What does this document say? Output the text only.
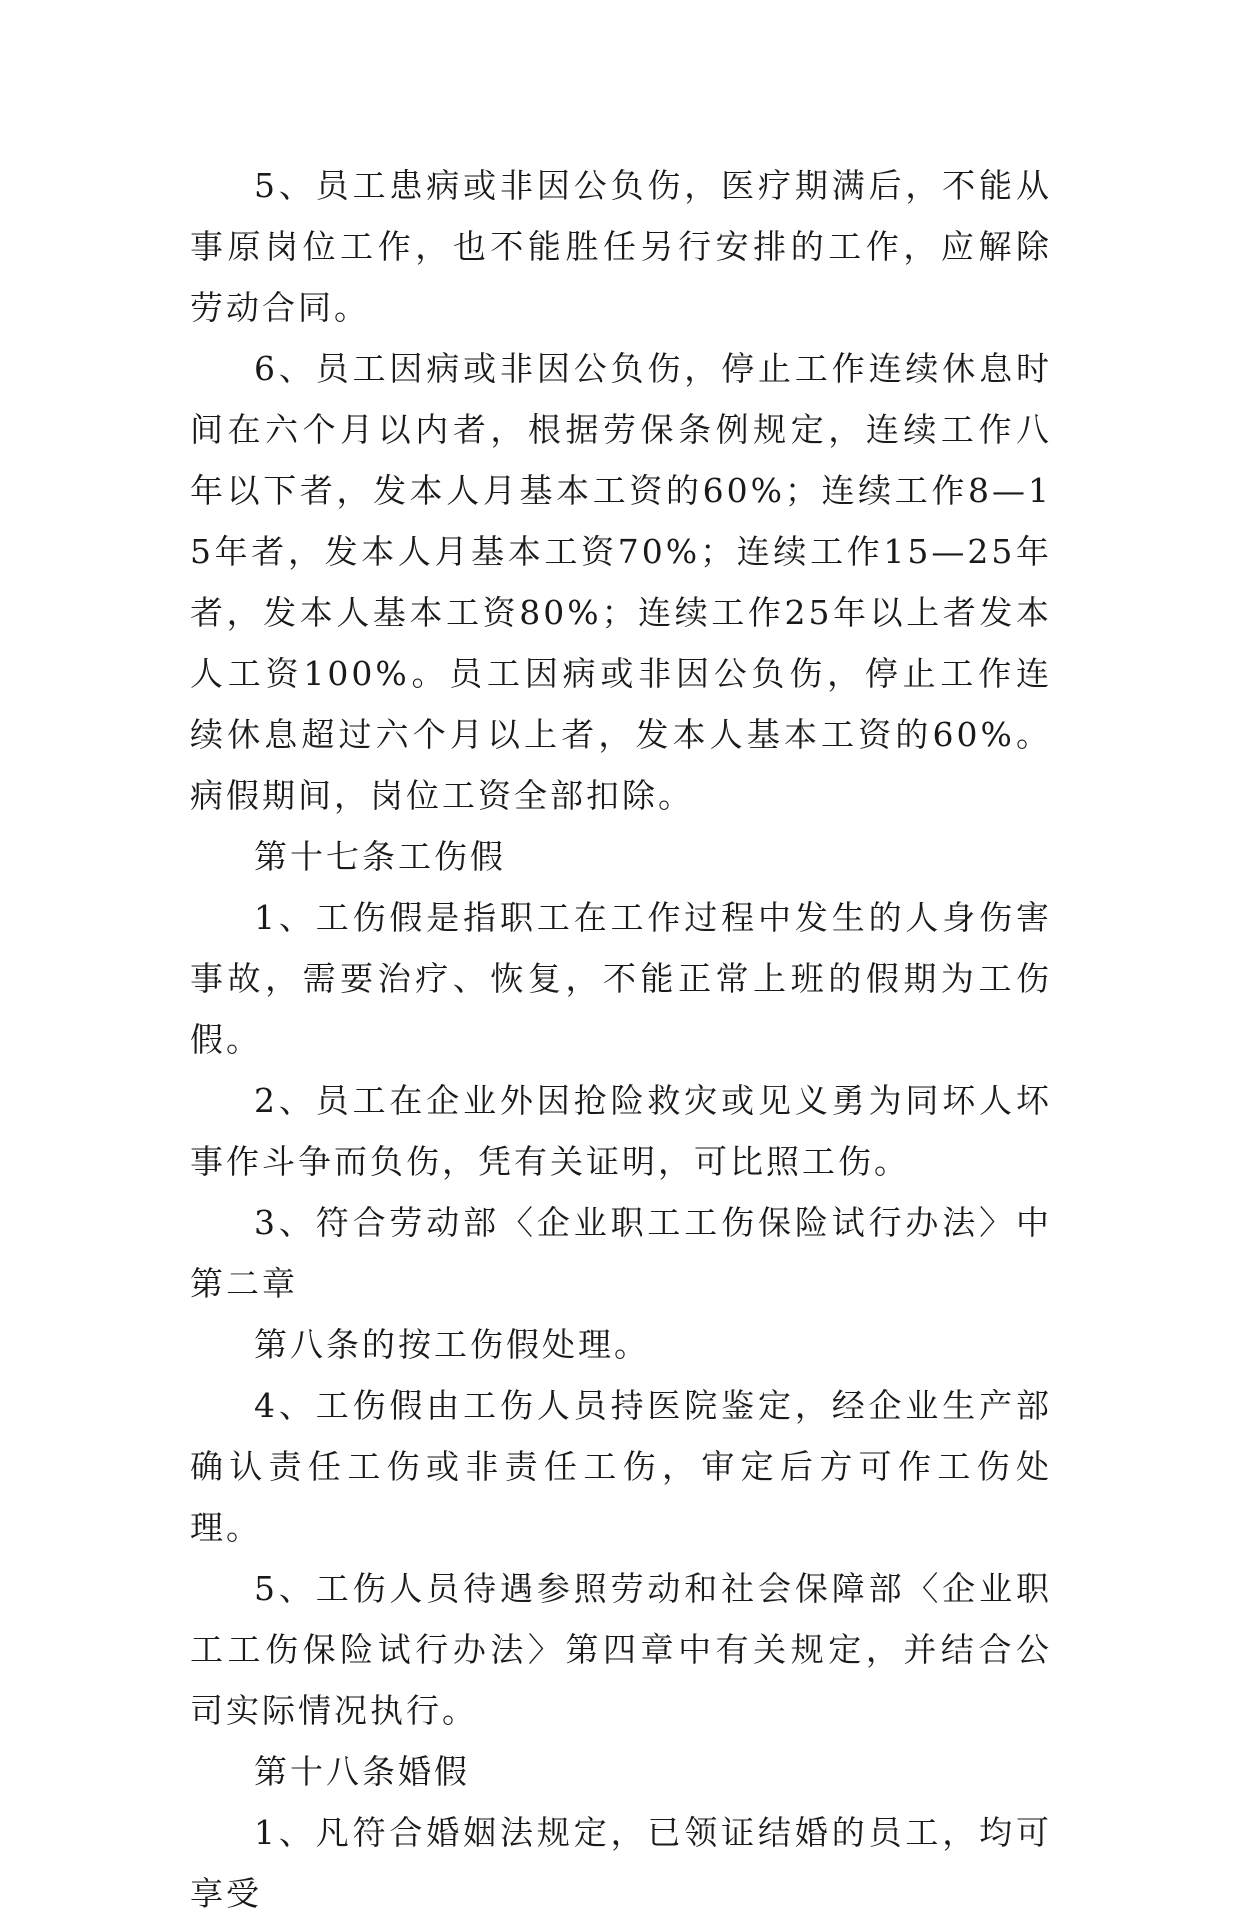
5、员工患病或非因公负伤，医疗期满后，不能从事原岗位工作，也不能胜任另行安排的工作，应解除劳动合同。

6、员工因病或非因公负伤，停止工作连续休息时间在六个月以内者，根据劳保条例规定，连续工作八年以下者，发本人月基本工资的60%；连续工作8—15年者，发本人月基本工资70%；连续工作15—25年者，发本人基本工资80%；连续工作25年以上者发本人工资100%。员工因病或非因公负伤，停止工作连续休息超过六个月以上者，发本人基本工资的60%。病假期间，岗位工资全部扣除。

第十七条工伤假

1、工伤假是指职工在工作过程中发生的人身伤害事故，需要治疗、恢复，不能正常上班的假期为工伤假。

2、员工在企业外因抢险救灾或见义勇为同坏人坏事作斗争而负伤，凭有关证明，可比照工伤。

3、符合劳动部〈企业职工工伤保险试行办法〉中第二章

第八条的按工伤假处理。

4、工伤假由工伤人员持医院鉴定，经企业生产部确认责任工伤或非责任工伤，审定后方可作工伤处理。

5、工伤人员待遇参照劳动和社会保障部〈企业职工工伤保险试行办法〉第四章中有关规定，并结合公司实际情况执行。

第十八条婚假

1、凡符合婚姻法规定，已领证结婚的员工，均可享受
